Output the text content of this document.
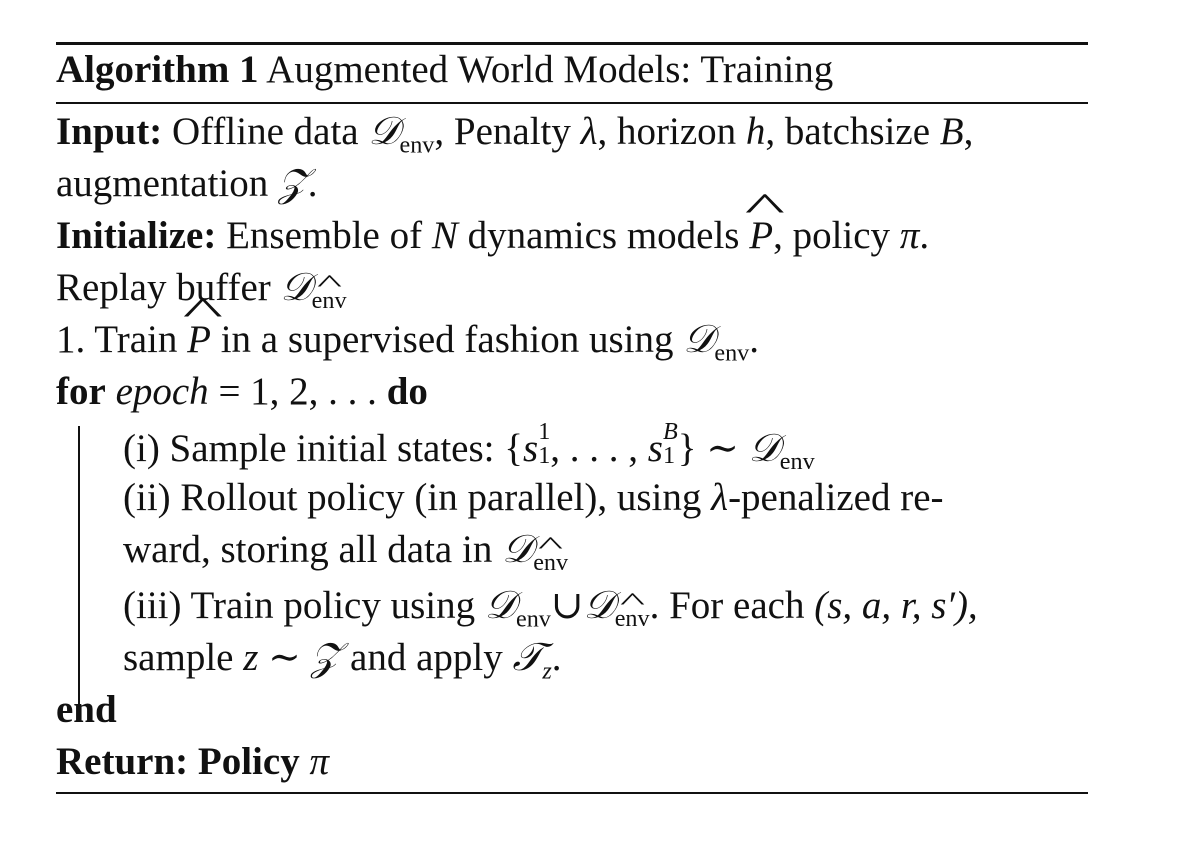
Algorithm 1 Augmented World Models: Training
Input: Offline data 𝒟$_{env}$, Penalty λ, horizon h, batchsize B,
augmentation 𝒵.
Initialize: Ensemble of N dynamics models ^ P, policy π.
Replay buffer 𝒟$_{env}$
1. Train ^ P in a supervised fashion using 𝒟$_{env}$.
for epoch = 1, 2, . . . do
(i) Sample initial states: {s 1
1 , . . . , s B
1 } ∼ 𝒟$_{env}$
(ii) Rollout policy (in parallel), using λ-penalized re-
ward, storing all data in 𝒟$_{env}$
(iii) Train policy using 𝒟$_{env}$∪𝒟$_{env}$. For each (s, a, r, s′),
sample z ∼ 𝒵 and apply 𝒯$_z$.
end
Return: Policy π
